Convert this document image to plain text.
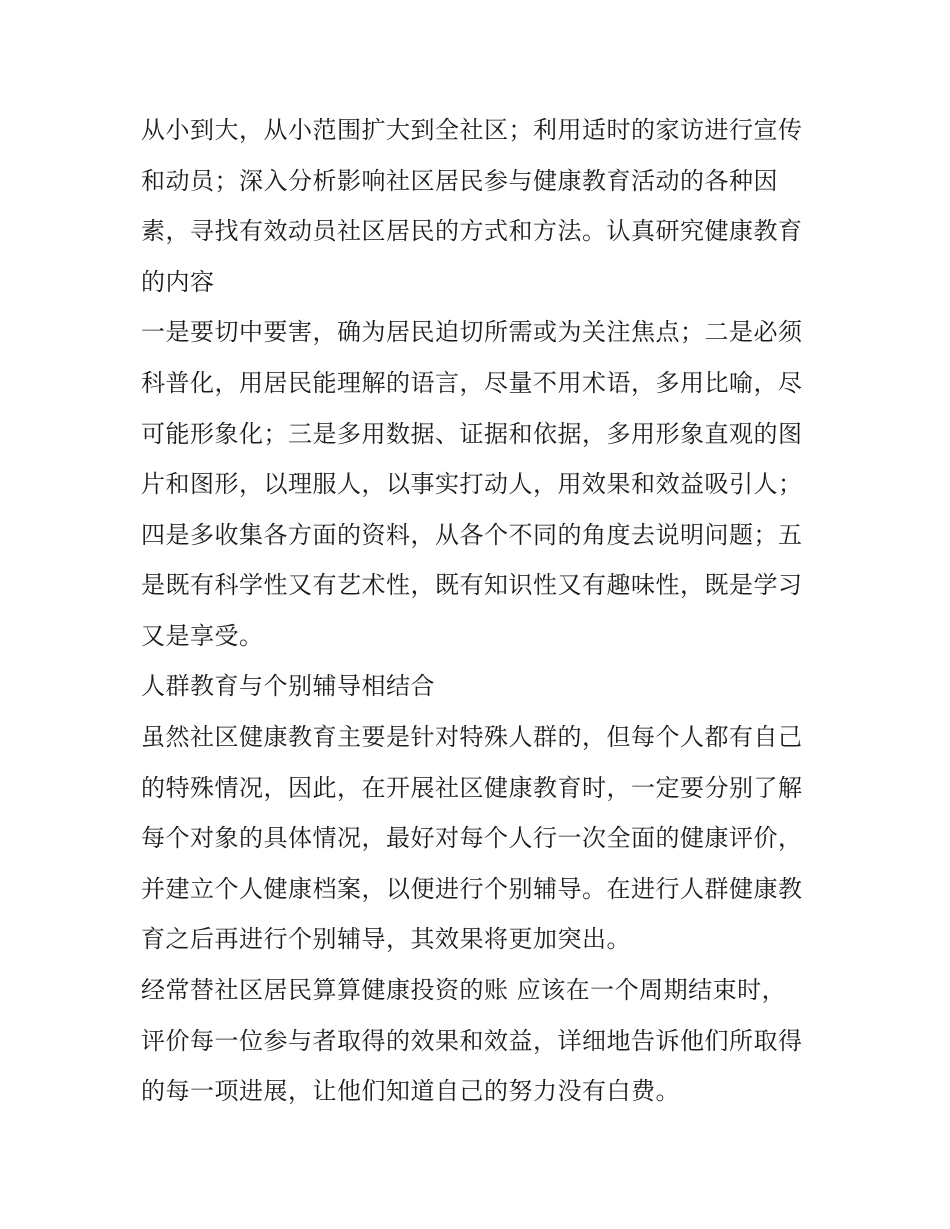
从小到大，从小范围扩大到全社区；利用适时的家访进行宣传

和动员；深入分析影响社区居民参与健康教育活动的各种因

素，寻找有效动员社区居民的方式和方法。认真研究健康教育

的内容

一是要切中要害，确为居民迫切所需或为关注焦点；二是必须

科普化，用居民能理解的语言，尽量不用术语，多用比喻，尽

可能形象化；三是多用数据、证据和依据，多用形象直观的图

片和图形，以理服人，以事实打动人，用效果和效益吸引人；

四是多收集各方面的资料，从各个不同的角度去说明问题；五

是既有科学性又有艺术性，既有知识性又有趣味性，既是学习

又是享受。

人群教育与个别辅导相结合

虽然社区健康教育主要是针对特殊人群的，但每个人都有自己

的特殊情况，因此，在开展社区健康教育时，一定要分别了解

每个对象的具体情况，最好对每个人行一次全面的健康评价，

并建立个人健康档案，以便进行个别辅导。在进行人群健康教

育之后再进行个别辅导，其效果将更加突出。

经常替社区居民算算健康投资的账 应该在一个周期结束时，

评价每一位参与者取得的效果和效益，详细地告诉他们所取得

的每一项进展，让他们知道自己的努力没有白费。
